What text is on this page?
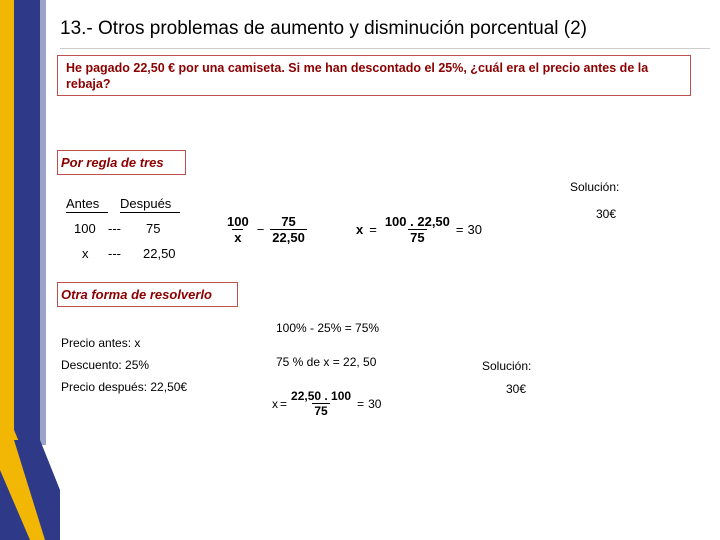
13.- Otros problemas de aumento y disminución porcentual (2)
He pagado 22,50 € por una camiseta. Si me han descontado el 25%, ¿cuál era el precio antes de la rebaja?
Por regla de tres
Antes Después
100 --- 75
x --- 22,50
$\frac{100}{x} - \frac{75}{22,50}$	$x = \frac{100 . 22,50}{75} = 30$
Solución:
30€
Otra forma de resolverlo
Precio antes: x
Descuento: 25%
Precio después: 22,50€
100% - 25% = 75%
75 % de x = 22, 50
$x = \frac{22,50 . 100}{75} = 30$
Solución:
30€
